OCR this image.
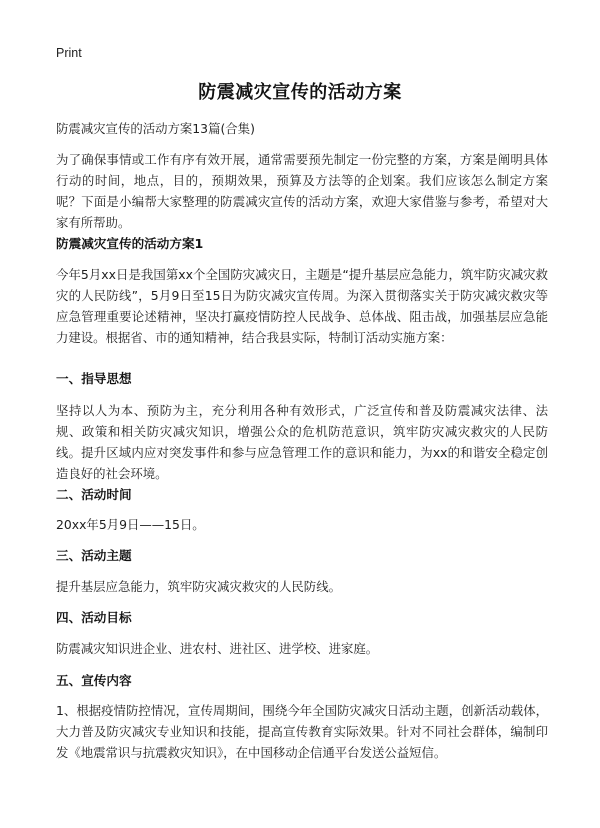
Print
防震减灾宣传的活动方案

防震减灾宣传的活动方案13篇(合集)

为了确保事情或工作有序有效开展，通常需要预先制定一份完整的方案，方案是阐明具体行动的时间，地点，目的，预期效果，预算及方法等的企划案。我们应该怎么制定方案呢？下面是小编帮大家整理的防震减灾宣传的活动方案，欢迎大家借鉴与参考，希望对大家有所帮助。

防震减灾宣传的活动方案1

今年5月xx日是我国第xx个全国防灾减灾日，主题是“提升基层应急能力，筑牢防灾减灾救灾的人民防线”，5月9日至15日为防灾减灾宣传周。为深入贯彻落实关于防灾减灾救灾等应急管理重要论述精神，坚决打赢疫情防控人民战争、总体战、阻击战，加强基层应急能力建设。根据省、市的通知精神，结合我县实际，特制订活动实施方案：

一、指导思想

坚持以人为本、预防为主，充分利用各种有效形式，广泛宣传和普及防震减灾法律、法规、政策和相关防灾减灾知识，增强公众的危机防范意识，筑牢防灾减灾救灾的人民防线。提升区域内应对突发事件和参与应急管理工作的意识和能力，为xx的和谐安全稳定创造良好的社会环境。

二、活动时间

20xx年5月9日——15日。

三、活动主题

提升基层应急能力，筑牢防灾减灾救灾的人民防线。

四、活动目标

防震减灾知识进企业、进农村、进社区、进学校、进家庭。

五、宣传内容

1、根据疫情防控情况，宣传周期间，围绕今年全国防灾减灾日活动主题，创新活动载体，大力普及防灾减灾专业知识和技能，提高宣传教育实际效果。针对不同社会群体，编制印发《地震常识与抗震救灾知识》，在中国移动企信通平台发送公益短信。
